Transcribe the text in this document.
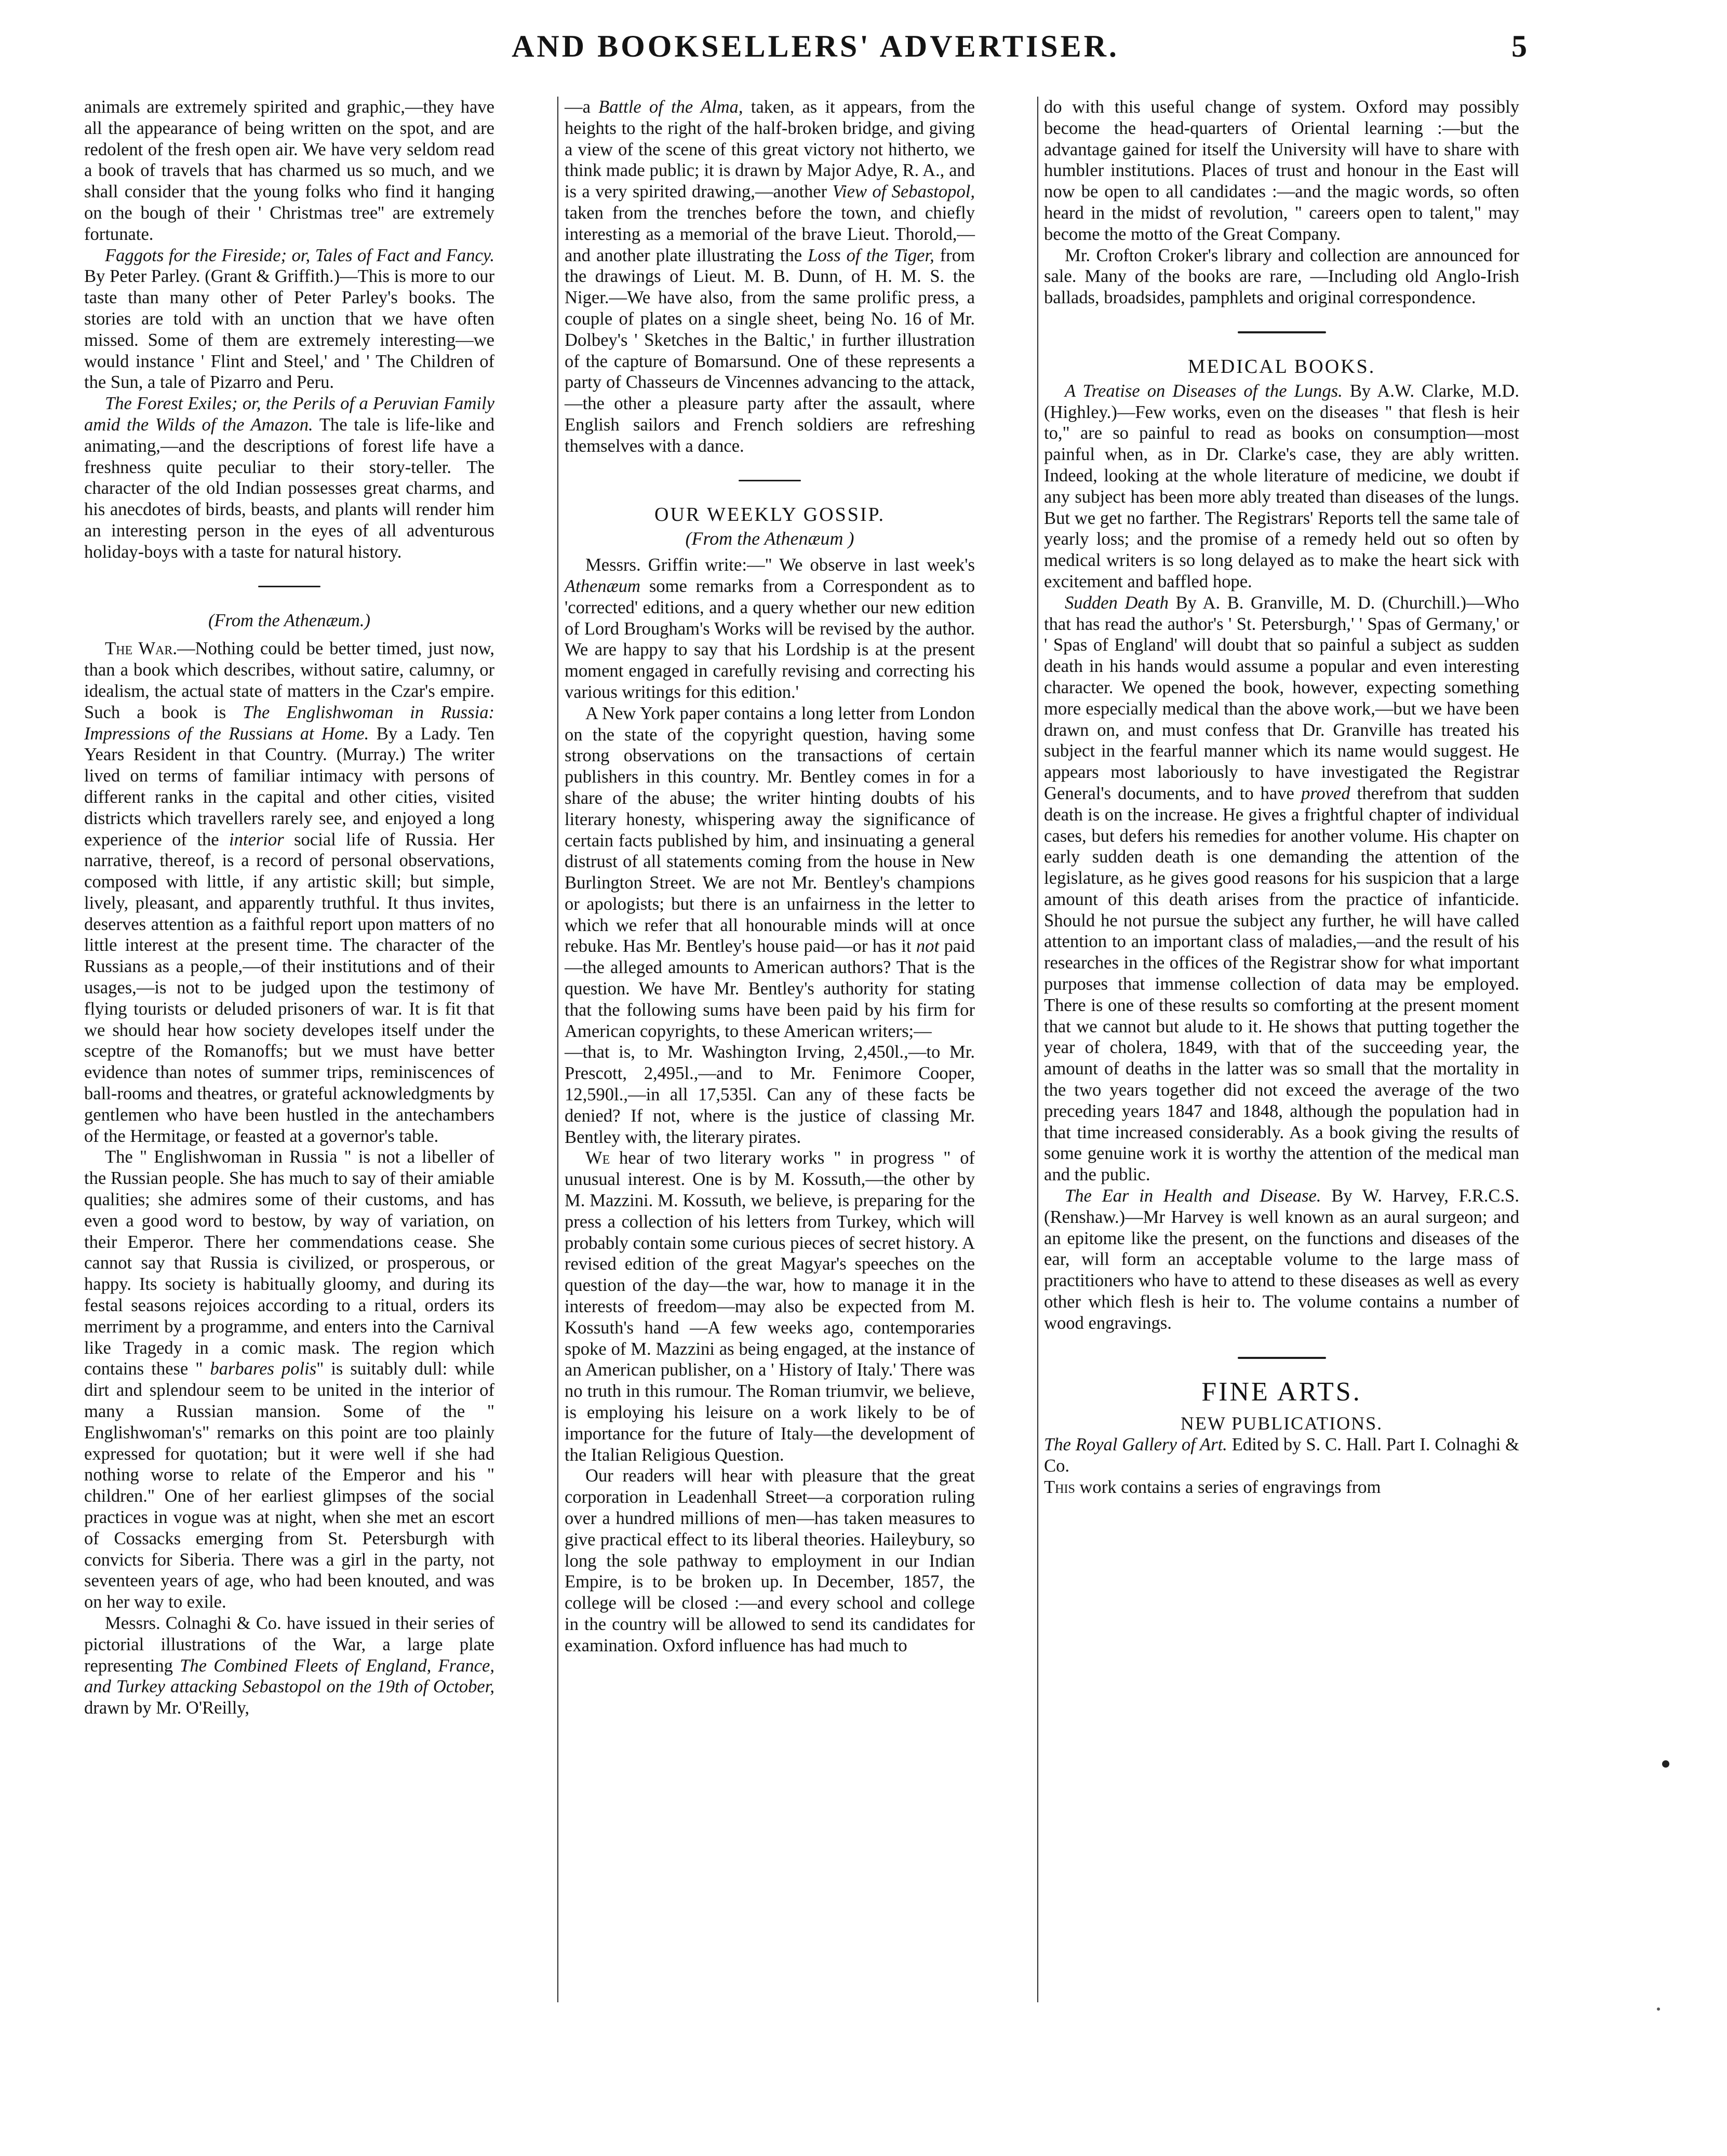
AND BOOKSELLERS' ADVERTISER.	5

animals are extremely spirited and graphic,—they have all the appearance of being written on the spot, and are redolent of the fresh open air. We have very seldom read a book of travels that has charmed us so much, and we shall consider that the young folks who find it hanging on the bough of their ' Christmas tree'' are extremely fortunate.

Faggots for the Fireside; or, Tales of Fact and Fancy. By Peter Parley. (Grant & Griffith.)—This is more to our taste than many other of Peter Parley's books. The stories are told with an unction that we have often missed. Some of them are extremely interesting—we would instance ' Flint and Steel,' and ' The Children of the Sun, a tale of Pizarro and Peru.

The Forest Exiles; or, the Perils of a Peruvian Family amid the Wilds of the Amazon. The tale is life-like and animating,—and the descriptions of forest life have a freshness quite peculiar to their story-teller. The character of the old Indian possesses great charms, and his anecdotes of birds, beasts, and plants will render him an interesting person in the eyes of all adventurous holiday-boys with a taste for natural history.

(From the Athenæum.)

The War.—Nothing could be better timed, just now, than a book which describes, without satire, calumny, or idealism, the actual state of matters in the Czar's empire. Such a book is The Englishwoman in Russia: Impressions of the Russians at Home. By a Lady. Ten Years Resident in that Country. (Murray.) The writer lived on terms of familiar intimacy with persons of different ranks in the capital and other cities, visited districts which travellers rarely see, and enjoyed a long experience of the interior social life of Russia. Her narrative, thereof, is a record of personal observations, composed with little, if any artistic skill; but simple, lively, pleasant, and apparently truthful. It thus invites, deserves attention as a faithful report upon matters of no little interest at the present time. The character of the Russians as a people,—of their institutions and of their usages,—is not to be judged upon the testimony of flying tourists or deluded prisoners of war. It is fit that we should hear how society developes itself under the sceptre of the Romanoffs; but we must have better evidence than notes of summer trips, reminiscences of ball-rooms and theatres, or grateful acknowledgments by gentlemen who have been hustled in the antechambers of the Hermitage, or feasted at a governor's table.

The " Englishwoman in Russia " is not a libeller of the Russian people. She has much to say of their amiable qualities; she admires some of their customs, and has even a good word to bestow, by way of variation, on their Emperor. There her commendations cease. She cannot say that Russia is civilized, or prosperous, or happy. Its society is habitually gloomy, and during its festal seasons rejoices according to a ritual, orders its merriment by a programme, and enters into the Carnival like Tragedy in a comic mask. The region which contains these " barbares polis" is suitably dull: while dirt and splendour seem to be united in the interior of many a Russian mansion. Some of the " Englishwoman's" remarks on this point are too plainly expressed for quotation; but it were well if she had nothing worse to relate of the Emperor and his " children." One of her earliest glimpses of the social practices in vogue was at night, when she met an escort of Cossacks emerging from St. Petersburgh with convicts for Siberia. There was a girl in the party, not seventeen years of age, who had been knouted, and was on her way to exile.

Messrs. Colnaghi & Co. have issued in their series of pictorial illustrations of the War, a large plate representing The Combined Fleets of England, France, and Turkey attacking Sebastopol on the 19th of October, drawn by Mr. O'Reilly,

—a Battle of the Alma, taken, as it appears, from the heights to the right of the half-broken bridge, and giving a view of the scene of this great victory not hitherto, we think made public; it is drawn by Major Adye, R. A., and is a very spirited drawing,—another View of Sebastopol, taken from the trenches before the town, and chiefly interesting as a memorial of the brave Lieut. Thorold,—and another plate illustrating the Loss of the Tiger, from the drawings of Lieut. M. B. Dunn, of H. M. S. the Niger.—We have also, from the same prolific press, a couple of plates on a single sheet, being No. 16 of Mr. Dolbey's ' Sketches in the Baltic,' in further illustration of the capture of Bomarsund. One of these represents a party of Chasseurs de Vincennes advancing to the attack,—the other a pleasure party after the assault, where English sailors and French soldiers are refreshing themselves with a dance.

OUR WEEKLY GOSSIP.
(From the Athenæum )

Messrs. Griffin write:—" We observe in last week's Athenæum some remarks from a Correspondent as to 'corrected' editions, and a query whether our new edition of Lord Brougham's Works will be revised by the author. We are happy to say that his Lordship is at the present moment engaged in carefully revising and correcting his various writings for this edition.'

A New York paper contains a long letter from London on the state of the copyright question, having some strong observations on the transactions of certain publishers in this country. Mr. Bentley comes in for a share of the abuse; the writer hinting doubts of his literary honesty, whispering away the significance of certain facts published by him, and insinuating a general distrust of all statements coming from the house in New Burlington Street. We are not Mr. Bentley's champions or apologists; but there is an unfairness in the letter to which we refer that all honourable minds will at once rebuke. Has Mr. Bentley's house paid—or has it not paid—the alleged amounts to American authors? That is the question. We have Mr. Bentley's authority for stating that the following sums have been paid by his firm for American copyrights, to these American writers;—

—that is, to Mr. Washington Irving, 2,450l.,—to Mr. Prescott, 2,495l.,—and to Mr. Fenimore Cooper, 12,590l.,—in all 17,535l. Can any of these facts be denied? If not, where is the justice of classing Mr. Bentley with, the literary pirates.

We hear of two literary works " in progress " of unusual interest. One is by M. Kossuth,—the other by M. Mazzini. M. Kossuth, we believe, is preparing for the press a collection of his letters from Turkey, which will probably contain some curious pieces of secret history. A revised edition of the great Magyar's speeches on the question of the day—the war, how to manage it in the interests of freedom—may also be expected from M. Kossuth's hand —A few weeks ago, contemporaries spoke of M. Mazzini as being engaged, at the instance of an American publisher, on a ' History of Italy.' There was no truth in this rumour. The Roman triumvir, we believe, is employing his leisure on a work likely to be of importance for the future of Italy—the development of the Italian Religious Question.

Our readers will hear with pleasure that the great corporation in Leadenhall Street—a corporation ruling over a hundred millions of men—has taken measures to give practical effect to its liberal theories. Haileybury, so long the sole pathway to employment in our Indian Empire, is to be broken up. In December, 1857, the college will be closed :—and every school and college in the country will be allowed to send its candidates for examination. Oxford influence has had much to

do with this useful change of system. Oxford may possibly become the head-quarters of Oriental learning :—but the advantage gained for itself the University will have to share with humbler institutions. Places of trust and honour in the East will now be open to all candidates :—and the magic words, so often heard in the midst of revolution, " careers open to talent," may become the motto of the Great Company.

Mr. Crofton Croker's library and collection are announced for sale. Many of the books are rare, —Including old Anglo-Irish ballads, broadsides, pamphlets and original correspondence.

MEDICAL BOOKS.

A Treatise on Diseases of the Lungs. By A.W. Clarke, M.D. (Highley.)—Few works, even on the diseases " that flesh is heir to," are so painful to read as books on consumption—most painful when, as in Dr. Clarke's case, they are ably written. Indeed, looking at the whole literature of medicine, we doubt if any subject has been more ably treated than diseases of the lungs. But we get no farther. The Registrars' Reports tell the same tale of yearly loss; and the promise of a remedy held out so often by medical writers is so long delayed as to make the heart sick with excitement and baffled hope.

Sudden Death By A. B. Granville, M. D. (Churchill.)—Who that has read the author's ' St. Petersburgh,' ' Spas of Germany,' or ' Spas of England' will doubt that so painful a subject as sudden death in his hands would assume a popular and even interesting character. We opened the book, however, expecting something more especially medical than the above work,—but we have been drawn on, and must confess that Dr. Granville has treated his subject in the fearful manner which its name would suggest. He appears most laboriously to have investigated the Registrar General's documents, and to have proved therefrom that sudden death is on the increase. He gives a frightful chapter of individual cases, but defers his remedies for another volume. His chapter on early sudden death is one demanding the attention of the legislature, as he gives good reasons for his suspicion that a large amount of this death arises from the practice of infanticide. Should he not pursue the subject any further, he will have called attention to an important class of maladies,—and the result of his researches in the offices of the Registrar show for what important purposes that immense collection of data may be employed. There is one of these results so comforting at the present moment that we cannot but alude to it. He shows that putting together the year of cholera, 1849, with that of the succeeding year, the amount of deaths in the latter was so small that the mortality in the two years together did not exceed the average of the two preceding years 1847 and 1848, although the population had in that time increased considerably. As a book giving the results of some genuine work it is worthy the attention of the medical man and the public.

The Ear in Health and Disease. By W. Harvey, F.R.C.S. (Renshaw.)—Mr Harvey is well known as an aural surgeon; and an epitome like the present, on the functions and diseases of the ear, will form an acceptable volume to the large mass of practitioners who have to attend to these diseases as well as every other which flesh is heir to. The volume contains a number of wood engravings.

FINE ARTS.
NEW PUBLICATIONS.

The Royal Gallery of Art. Edited by S. C. Hall. Part I. Colnaghi & Co.

This work contains a series of engravings from
